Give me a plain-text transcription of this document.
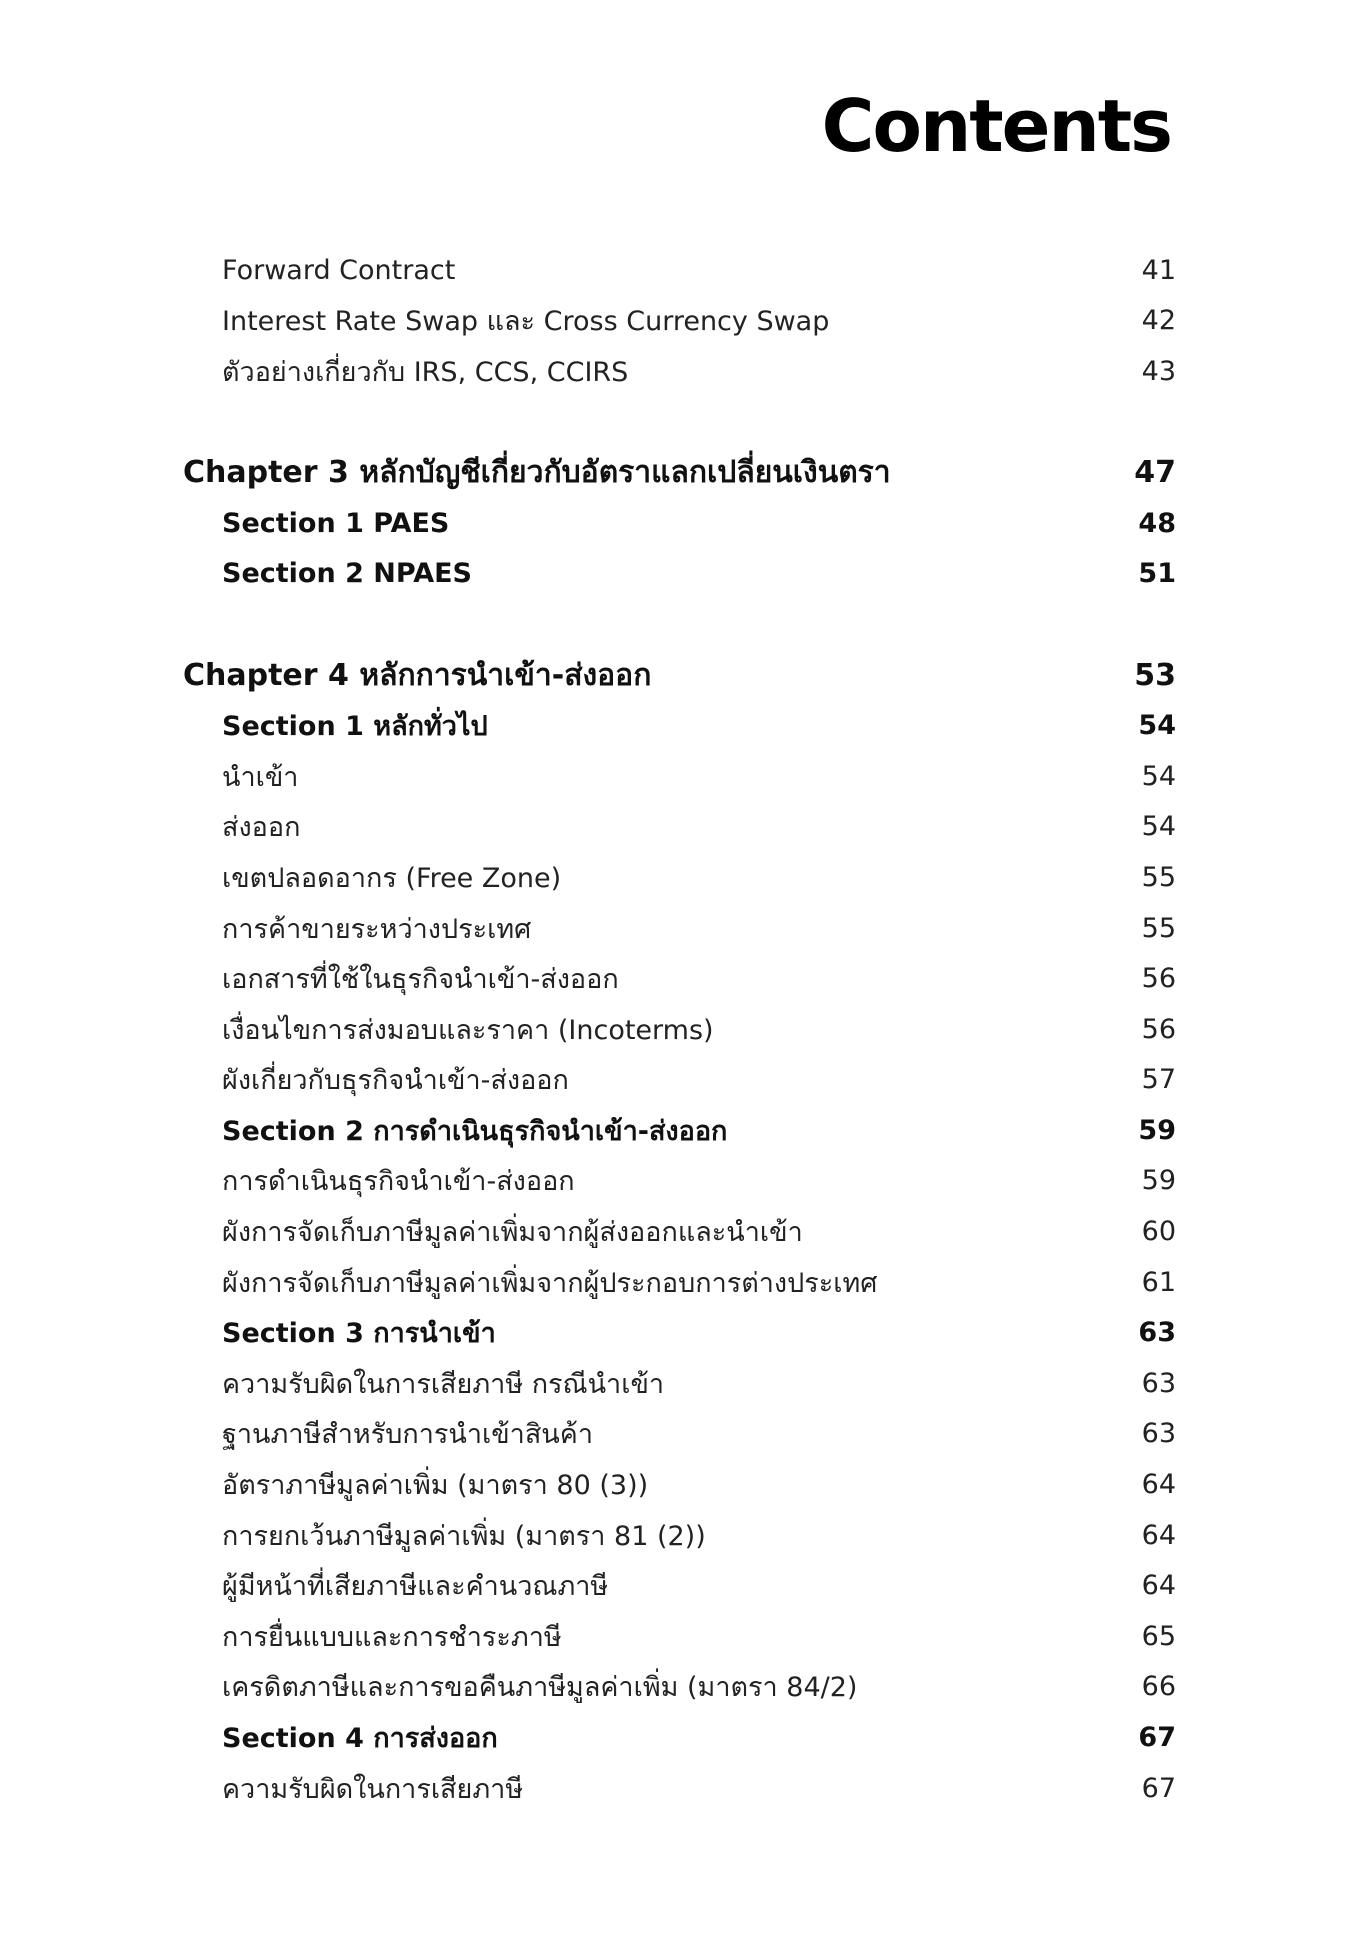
Contents
Forward Contract	41
Interest Rate Swap และ Cross Currency Swap	42
ตัวอย่างเกี่ยวกับ IRS, CCS, CCIRS	43
Chapter 3 หลักบัญชีเกี่ยวกับอัตราแลกเปลี่ยนเงินตรา	47
Section 1 PAES	48
Section 2 NPAES	51
Chapter 4 หลักการนำเข้า-ส่งออก	53
Section 1 หลักทั่วไป	54
นำเข้า	54
ส่งออก	54
เขตปลอดอากร (Free Zone)	55
การค้าขายระหว่างประเทศ	55
เอกสารที่ใช้ในธุรกิจนำเข้า-ส่งออก	56
เงื่อนไขการส่งมอบและราคา (Incoterms)	56
ผังเกี่ยวกับธุรกิจนำเข้า-ส่งออก	57
Section 2 การดำเนินธุรกิจนำเข้า-ส่งออก	59
การดำเนินธุรกิจนำเข้า-ส่งออก	59
ผังการจัดเก็บภาษีมูลค่าเพิ่มจากผู้ส่งออกและนำเข้า	60
ผังการจัดเก็บภาษีมูลค่าเพิ่มจากผู้ประกอบการต่างประเทศ	61
Section 3 การนำเข้า	63
ความรับผิดในการเสียภาษี กรณีนำเข้า	63
ฐานภาษีสำหรับการนำเข้าสินค้า	63
อัตราภาษีมูลค่าเพิ่ม (มาตรา 80 (3))	64
การยกเว้นภาษีมูลค่าเพิ่ม (มาตรา 81 (2))	64
ผู้มีหน้าที่เสียภาษีและคำนวณภาษี	64
การยื่นแบบและการชำระภาษี	65
เครดิตภาษีและการขอคืนภาษีมูลค่าเพิ่ม (มาตรา 84/2)	66
Section 4 การส่งออก	67
ความรับผิดในการเสียภาษี	67
